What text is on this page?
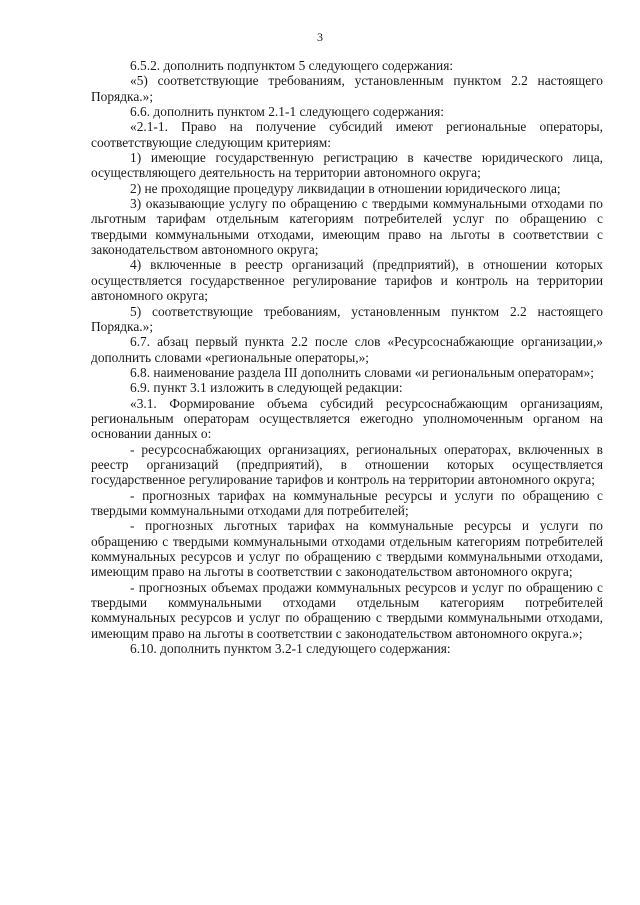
3

6.5.2. дополнить подпунктом 5 следующего содержания:

«5) соответствующие требованиям, установленным пунктом 2.2 настоящего Порядка.»;

6.6. дополнить пунктом 2.1-1 следующего содержания:

«2.1-1. Право на получение субсидий имеют региональные операторы, соответствующие следующим критериям:

1) имеющие государственную регистрацию в качестве юридического лица, осуществляющего деятельность на территории автономного округа;

2) не проходящие процедуру ликвидации в отношении юридического лица;

3) оказывающие услугу по обращению с твердыми коммунальными отходами по льготным тарифам отдельным категориям потребителей услуг по обращению с твердыми коммунальными отходами, имеющим право на льготы в соответствии с законодательством автономного округа;

4) включенные в реестр организаций (предприятий), в отношении которых осуществляется государственное регулирование тарифов и контроль на территории автономного округа;

5) соответствующие требованиям, установленным пунктом 2.2 настоящего Порядка.»;

6.7. абзац первый пункта 2.2 после слов «Ресурсоснабжающие организации,» дополнить словами «региональные операторы,»;

6.8. наименование раздела III дополнить словами «и региональным операторам»;

6.9. пункт 3.1 изложить в следующей редакции:

«3.1. Формирование объема субсидий ресурсоснабжающим организациям, региональным операторам осуществляется ежегодно уполномоченным органом на основании данных о:

- ресурсоснабжающих организациях, региональных операторах, включенных в реестр организаций (предприятий), в отношении которых осуществляется государственное регулирование тарифов и контроль на территории автономного округа;

- прогнозных тарифах на коммунальные ресурсы и услуги по обращению с твердыми коммунальными отходами для потребителей;

- прогнозных льготных тарифах на коммунальные ресурсы и услуги по обращению с твердыми коммунальными отходами отдельным категориям потребителей коммунальных ресурсов и услуг по обращению с твердыми коммунальными отходами, имеющим право на льготы в соответствии с законодательством автономного округа;

- прогнозных объемах продажи коммунальных ресурсов и услуг по обращению с твердыми коммунальными отходами отдельным категориям потребителей коммунальных ресурсов и услуг по обращению с твердыми коммунальными отходами, имеющим право на льготы в соответствии с законодательством автономного округа.»;

6.10. дополнить пунктом 3.2-1 следующего содержания:
